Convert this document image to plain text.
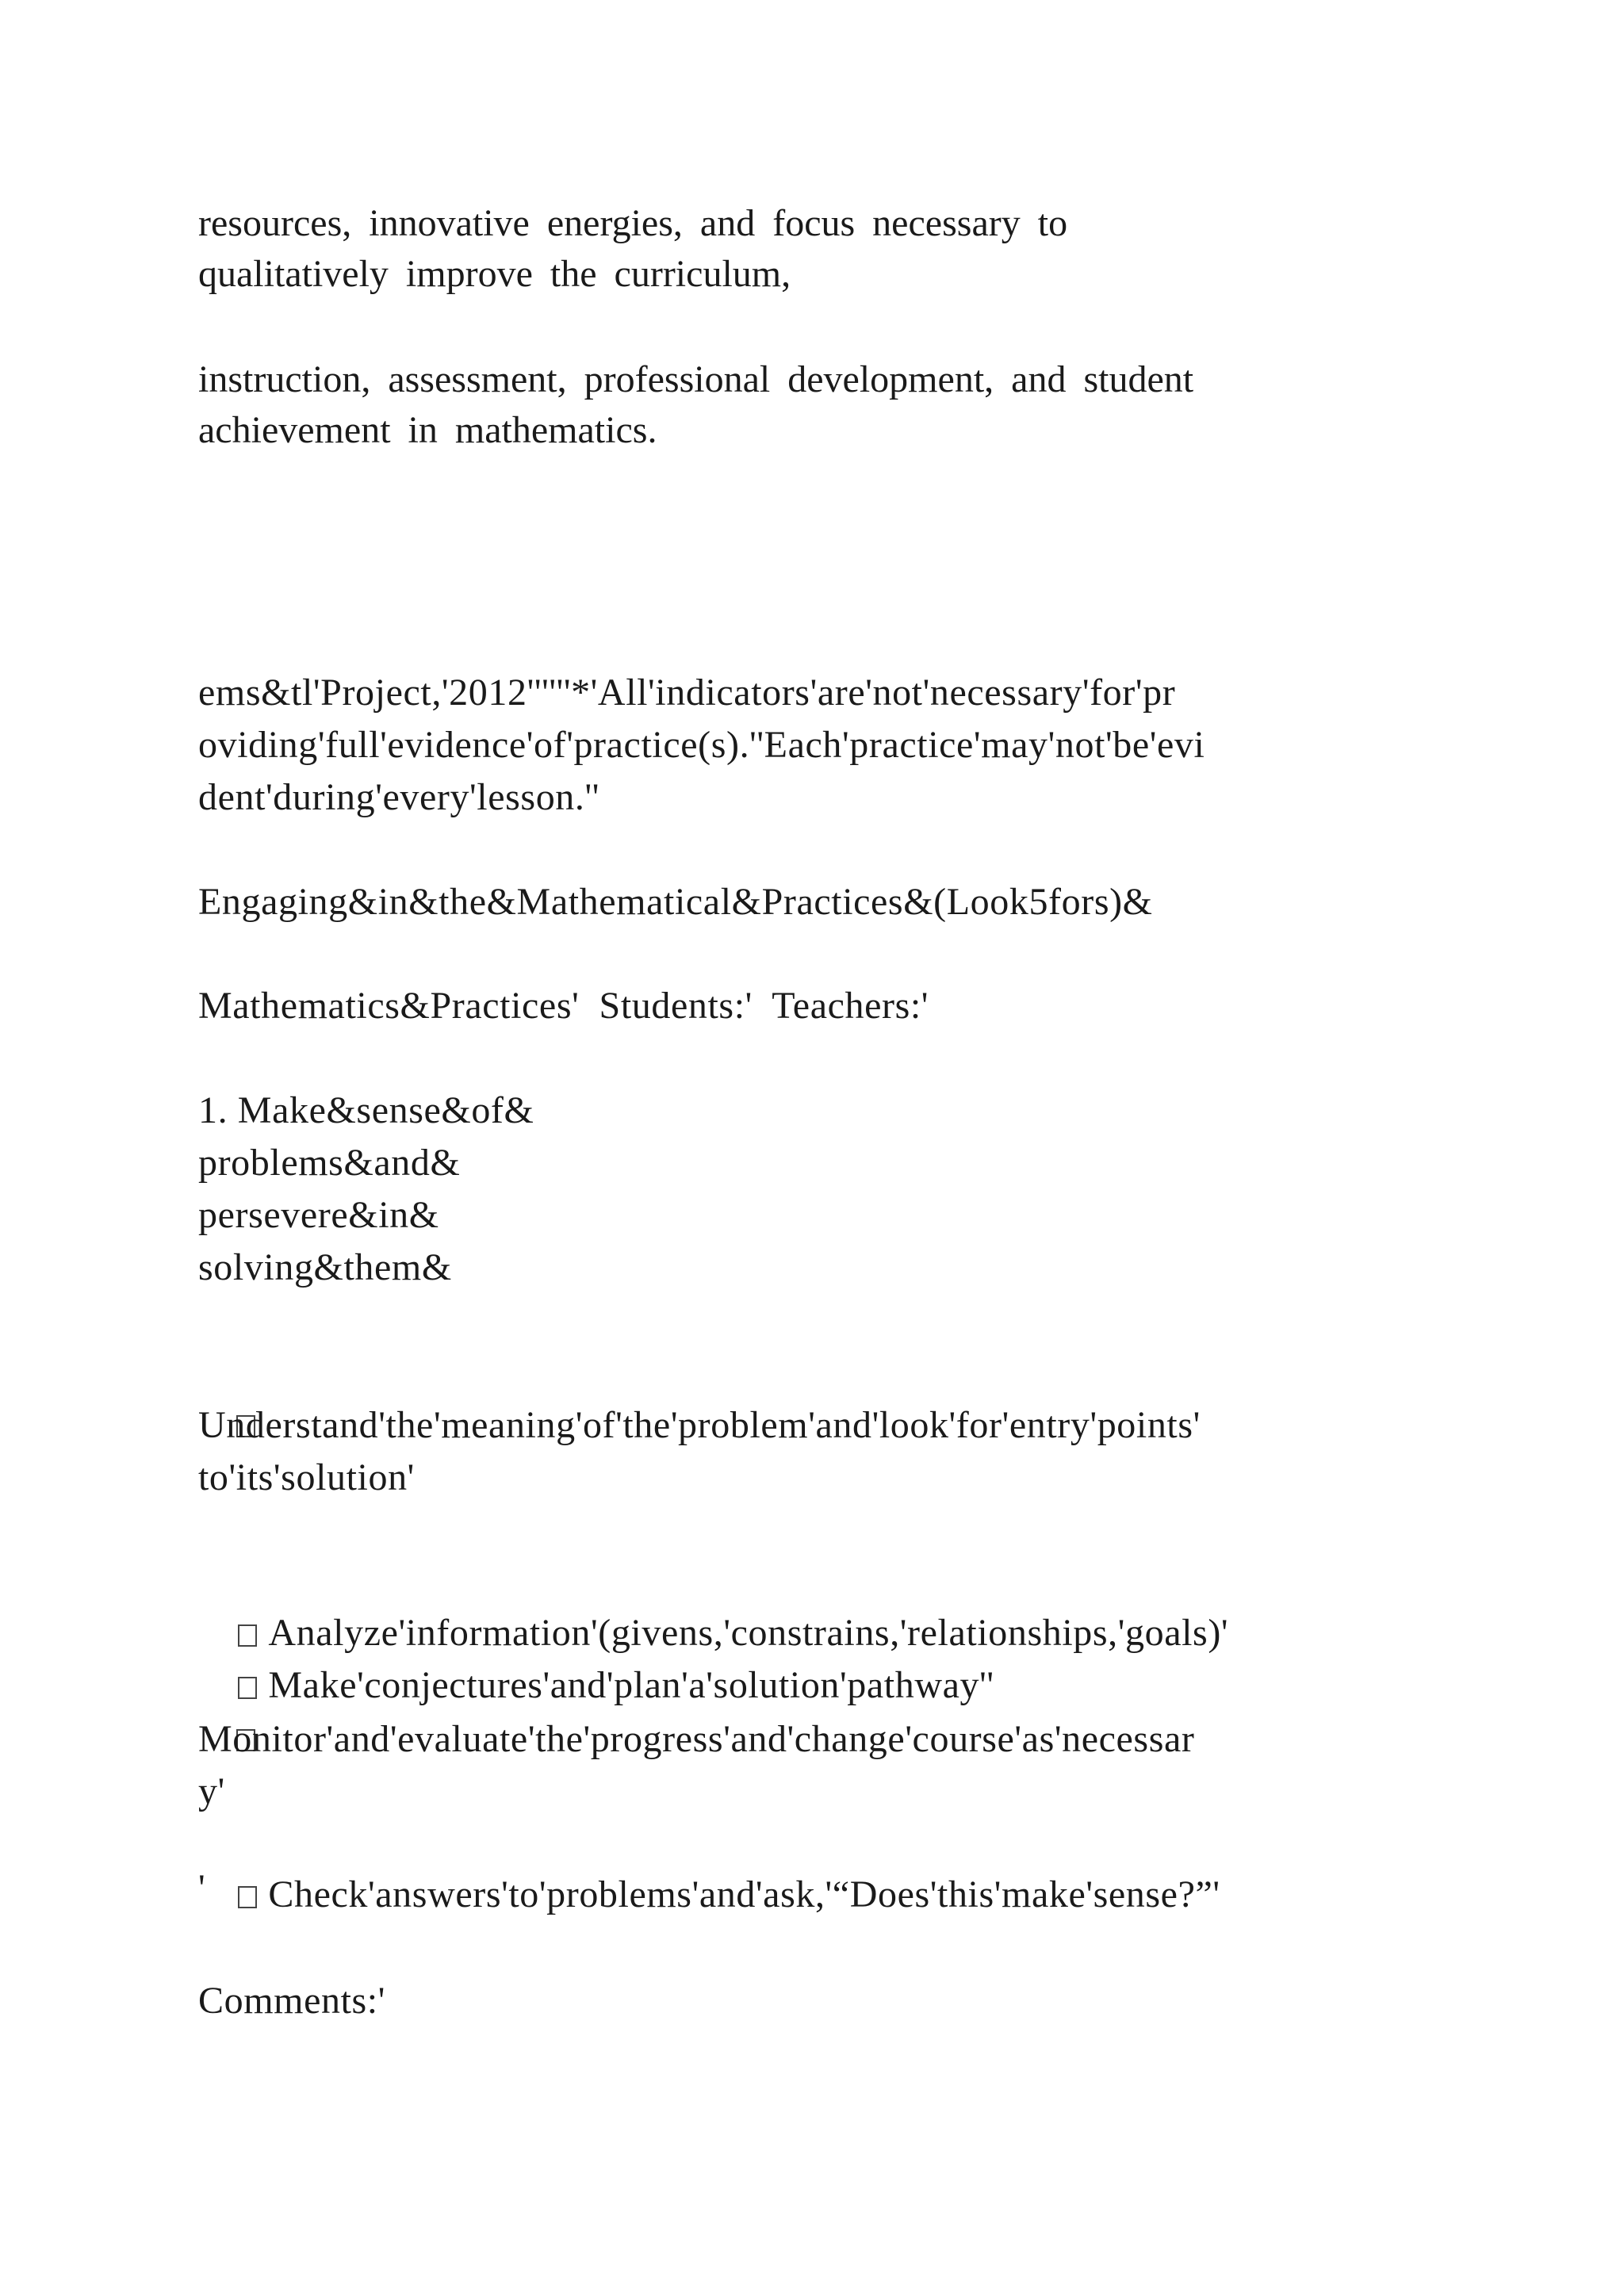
resources, innovative energies, and focus necessary to
qualitatively improve the curriculum,
instruction, assessment, professional development, and student
achievement in mathematics.
ems&tl'Project,'2012''''''*'All'indicators'are'not'necessary'for'pr
oviding'full'evidence'of'practice(s).''Each'practice'may'not'be'evi
dent'during'every'lesson.''
Engaging&in&the&Mathematical&Practices&(Look5fors)&
Mathematics&Practices'  Students:'  Teachers:'
1. Make&sense&of&
problems&and&
persevere&in&
solving&them&

Understand'the'meaning'of'the'problem'and'look'for'entry'points'
to'its'solution'

Analyze'information'(givens,'constrains,'relationships,'goals)'

Make'conjectures'and'plan'a'solution'pathway''

Monitor'and'evaluate'the'progress'and'change'course'as'necessar
y'

Check'answers'to'problems'and'ask,'“Does'this'make'sense?”'

'
Comments:'
